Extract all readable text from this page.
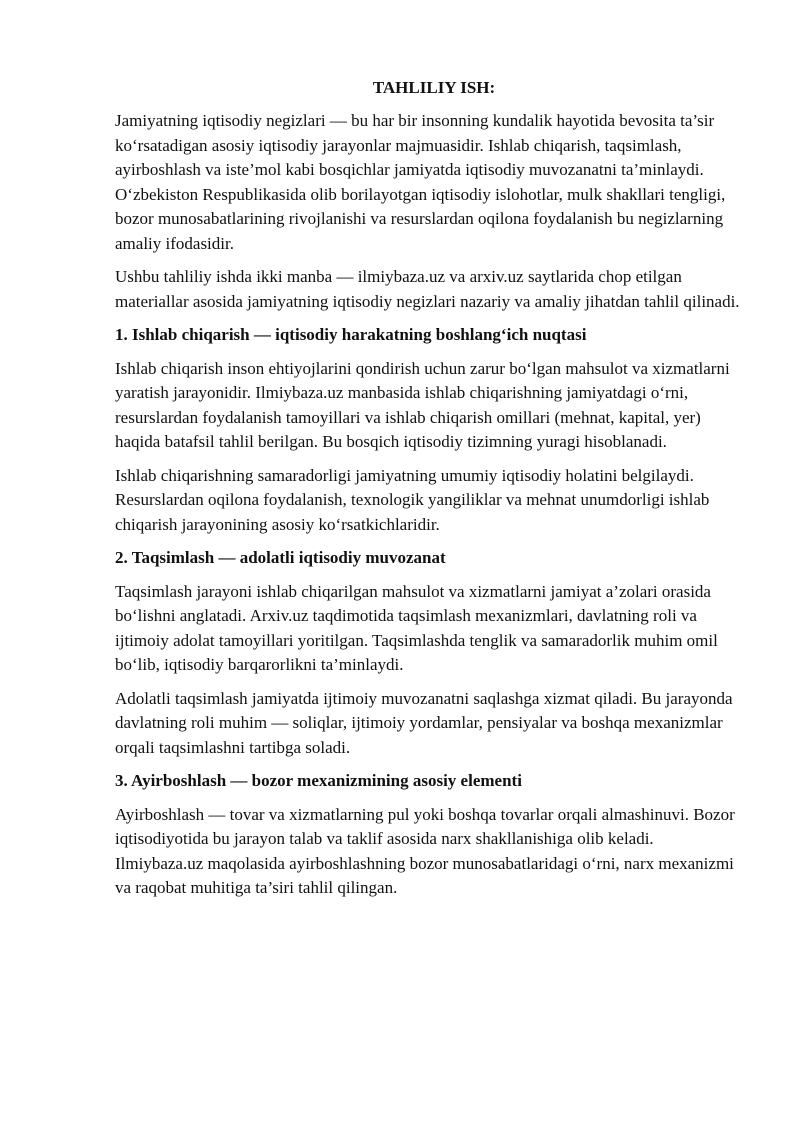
TAHLILIY ISH:

Jamiyatning iqtisodiy negizlari — bu har bir insonning kundalik hayotida bevosita ta’sir ko‘rsatadigan asosiy iqtisodiy jarayonlar majmuasidir. Ishlab chiqarish, taqsimlash, ayirboshlash va iste’mol kabi bosqichlar jamiyatda iqtisodiy muvozanatni ta’minlaydi. O‘zbekiston Respublikasida olib borilayotgan iqtisodiy islohotlar, mulk shakllari tengligi, bozor munosabatlarining rivojlanishi va resurslardan oqilona foydalanish bu negizlarning amaliy ifodasidir.

Ushbu tahliliy ishda ikki manba — ilmiybaza.uz va arxiv.uz saytlarida chop etilgan materiallar asosida jamiyatning iqtisodiy negizlari nazariy va amaliy jihatdan tahlil qilinadi.

1. Ishlab chiqarish — iqtisodiy harakatning boshlang‘ich nuqtasi

Ishlab chiqarish inson ehtiyojlarini qondirish uchun zarur bo‘lgan mahsulot va xizmatlarni yaratish jarayonidir. Ilmiybaza.uz manbasida ishlab chiqarishning jamiyatdagi o‘rni, resurslardan foydalanish tamoyillari va ishlab chiqarish omillari (mehnat, kapital, yer) haqida batafsil tahlil berilgan. Bu bosqich iqtisodiy tizimning yuragi hisoblanadi.

Ishlab chiqarishning samaradorligi jamiyatning umumiy iqtisodiy holatini belgilaydi. Resurslardan oqilona foydalanish, texnologik yangiliklar va mehnat unumdorligi ishlab chiqarish jarayonining asosiy ko‘rsatkichlaridir.

2. Taqsimlash — adolatli iqtisodiy muvozanat

Taqsimlash jarayoni ishlab chiqarilgan mahsulot va xizmatlarni jamiyat a’zolari orasida bo‘lishni anglatadi. Arxiv.uz taqdimotida taqsimlash mexanizmlari, davlatning roli va ijtimoiy adolat tamoyillari yoritilgan. Taqsimlashda tenglik va samaradorlik muhim omil bo‘lib, iqtisodiy barqarorlikni ta’minlaydi.

Adolatli taqsimlash jamiyatda ijtimoiy muvozanatni saqlashga xizmat qiladi. Bu jarayonda davlatning roli muhim — soliqlar, ijtimoiy yordamlar, pensiyalar va boshqa mexanizmlar orqali taqsimlashni tartibga soladi.

3. Ayirboshlash — bozor mexanizmining asosiy elementi

Ayirboshlash — tovar va xizmatlarning pul yoki boshqa tovarlar orqali almashinuvi. Bozor iqtisodiyotida bu jarayon talab va taklif asosida narx shakllanishiga olib keladi. Ilmiybaza.uz maqolasida ayirboshlashning bozor munosabatlaridagi o‘rni, narx mexanizmi va raqobat muhitiga ta’siri tahlil qilingan.
